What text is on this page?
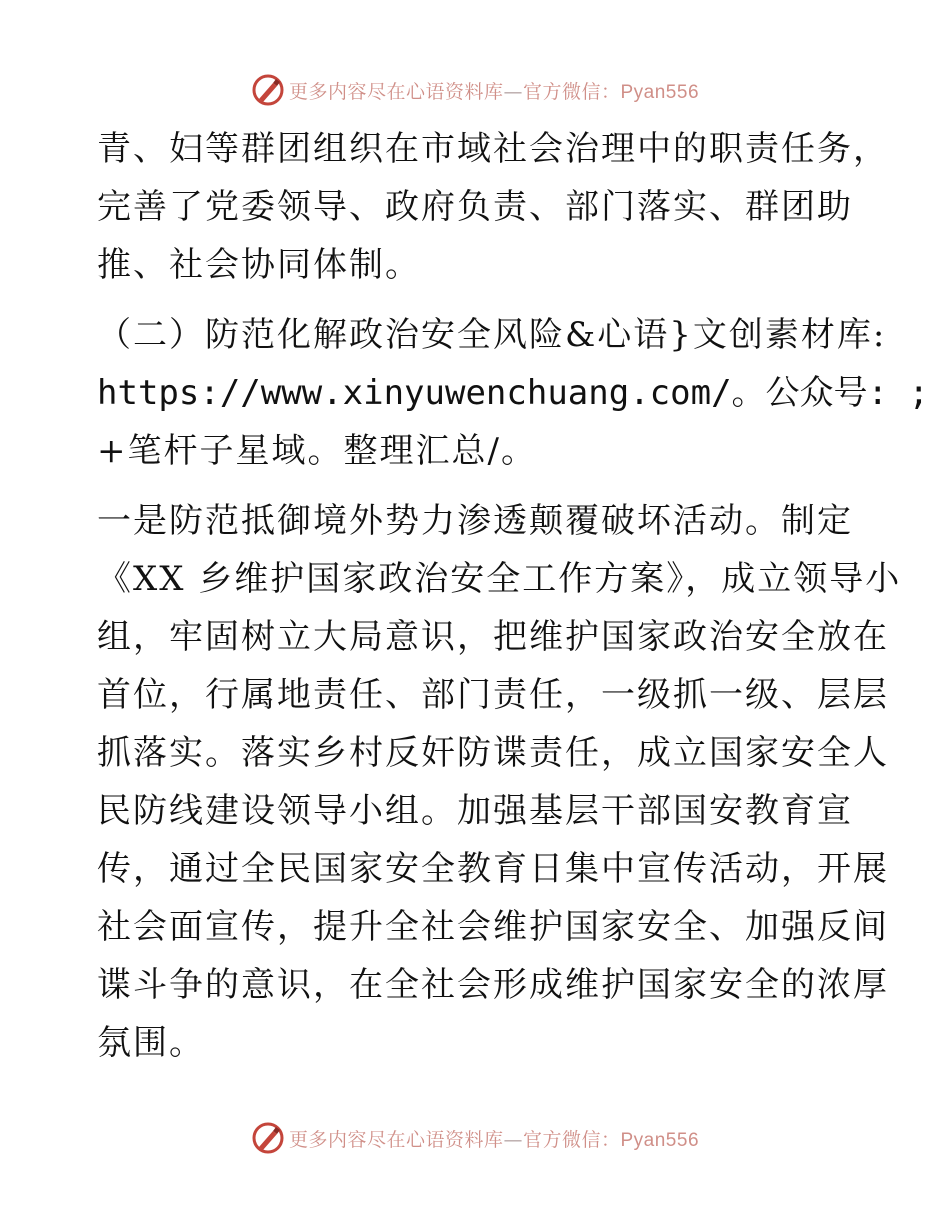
更多内容尽在心语资料库—官方微信：Pyan556

青、妇等群团组织在市域社会治理中的职责任务，

完善了党委领导、政府负责、部门落实、群团助

推、社会协同体制。

（二）防范化解政治安全风险&心语}文创素材库:

https://www.xinyuwenchuang.com/。公众号: ;

+笔杆子星域。整理汇总/。

一是防范抵御境外势力渗透颠覆破坏活动。制定

《XX 乡维护国家政治安全工作方案》，成立领导小

组，牢固树立大局意识，把维护国家政治安全放在

首位，行属地责任、部门责任，一级抓一级、层层

抓落实。落实乡村反奸防谍责任，成立国家安全人

民防线建设领导小组。加强基层干部国安教育宣

传，通过全民国家安全教育日集中宣传活动，开展

社会面宣传，提升全社会维护国家安全、加强反间

谍斗争的意识，在全社会形成维护国家安全的浓厚

氛围。

更多内容尽在心语资料库—官方微信：Pyan556
